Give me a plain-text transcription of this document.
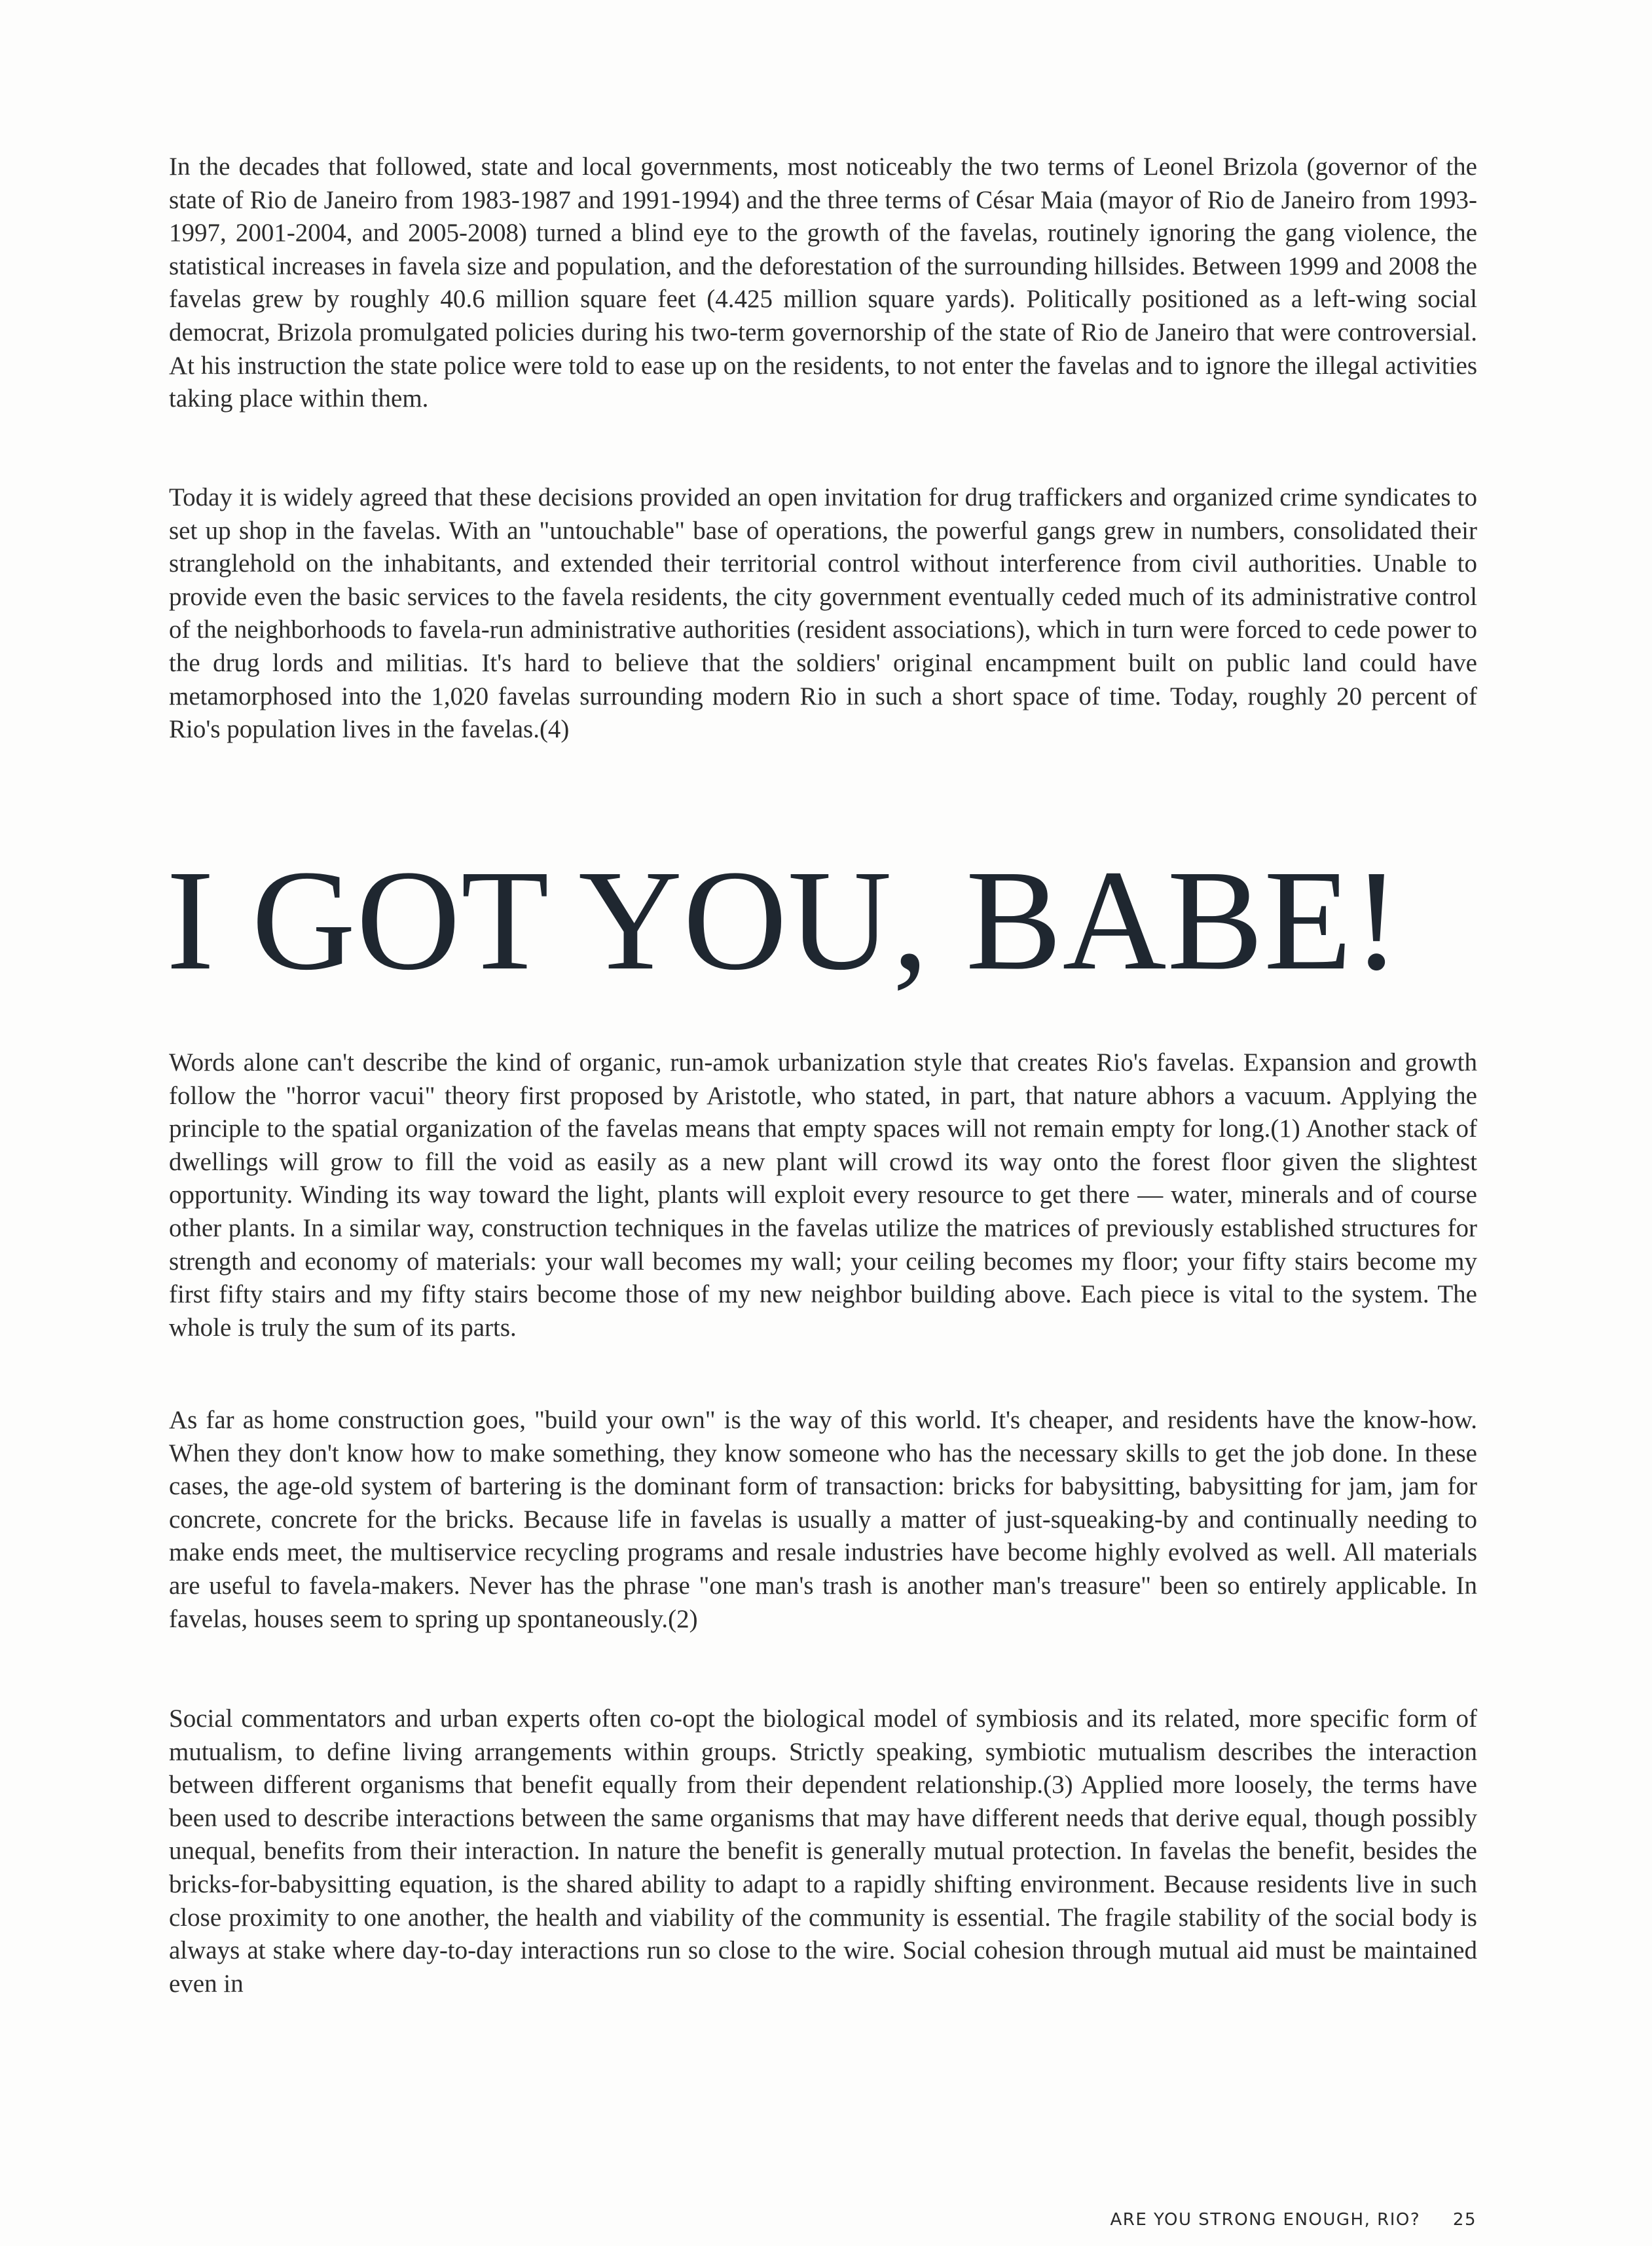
In the decades that followed, state and local governments, most noticeably the two terms of Leonel Brizola (governor of the state of Rio de Janeiro from 1983-1987 and 1991-1994) and the three terms of César Maia (mayor of Rio de Janeiro from 1993-1997, 2001-2004, and 2005-2008) turned a blind eye to the growth of the favelas, routinely ignoring the gang violence, the statistical increases in favela size and population, and the deforestation of the surrounding hillsides. Between 1999 and 2008 the favelas grew by roughly 40.6 million square feet (4.425 million square yards). Politically positioned as a left-wing social democrat, Brizola promulgated policies during his two-term governorship of the state of Rio de Janeiro that were controversial. At his instruction the state police were told to ease up on the residents, to not enter the favelas and to ignore the illegal activities taking place within them.

Today it is widely agreed that these decisions provided an open invitation for drug traffickers and organized crime syndicates to set up shop in the favelas. With an "untouchable" base of operations, the powerful gangs grew in numbers, consolidated their stranglehold on the inhabitants, and extended their territorial control without interference from civil authorities. Unable to provide even the basic services to the favela residents, the city government eventually ceded much of its administrative control of the neighborhoods to favela-run administrative authorities (resident associations), which in turn were forced to cede power to the drug lords and militias. It's hard to believe that the soldiers' original encampment built on public land could have metamorphosed into the 1,020 favelas surrounding modern Rio in such a short space of time. Today, roughly 20 percent of Rio's population lives in the favelas.(4)

I GOT YOU, BABE!

Words alone can't describe the kind of organic, run-amok urbanization style that creates Rio's favelas. Expansion and growth follow the "horror vacui" theory first proposed by Aristotle, who stated, in part, that nature abhors a vacuum. Applying the principle to the spatial organization of the favelas means that empty spaces will not remain empty for long.(1) Another stack of dwellings will grow to fill the void as easily as a new plant will crowd its way onto the forest floor given the slightest opportunity. Winding its way toward the light, plants will exploit every resource to get there — water, minerals and of course other plants. In a similar way, construction techniques in the favelas utilize the matrices of previously established structures for strength and economy of materials: your wall becomes my wall; your ceiling becomes my floor; your fifty stairs become my first fifty stairs and my fifty stairs become those of my new neighbor building above. Each piece is vital to the system. The whole is truly the sum of its parts.

As far as home construction goes, "build your own" is the way of this world. It's cheaper, and residents have the know-how. When they don't know how to make something, they know someone who has the necessary skills to get the job done. In these cases, the age-old system of bartering is the dominant form of transaction: bricks for babysitting, babysitting for jam, jam for concrete, concrete for the bricks. Because life in favelas is usually a matter of just-squeaking-by and continually needing to make ends meet, the multiservice recycling programs and resale industries have become highly evolved as well. All materials are useful to favela-makers. Never has the phrase "one man's trash is another man's treasure" been so entirely applicable. In favelas, houses seem to spring up spontaneously.(2)

Social commentators and urban experts often co-opt the biological model of symbiosis and its related, more specific form of mutualism, to define living arrangements within groups. Strictly speaking, symbiotic mutualism describes the interaction between different organisms that benefit equally from their dependent relationship.(3) Applied more loosely, the terms have been used to describe interactions between the same organisms that may have different needs that derive equal, though possibly unequal, benefits from their interaction. In nature the benefit is generally mutual protection. In favelas the benefit, besides the bricks-for-babysitting equation, is the shared ability to adapt to a rapidly shifting environment. Because residents live in such close proximity to one another, the health and viability of the community is essential. The fragile stability of the social body is always at stake where day-to-day interactions run so close to the wire. Social cohesion through mutual aid must be maintained even in

ARE YOU STRONG ENOUGH, RIO? 25
